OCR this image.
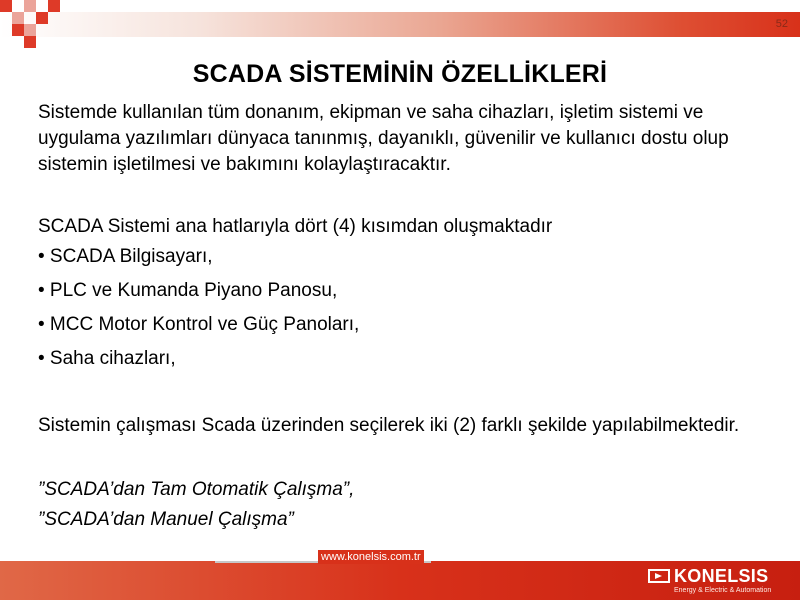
52
SCADA SİSTEMİNİN ÖZELLİKLERİ

Sistemde kullanılan tüm donanım, ekipman ve saha cihazları, işletim sistemi ve uygulama yazılımları dünyaca tanınmış, dayanıklı, güvenilir ve kullanıcı dostu olup sistemin işletilmesi ve bakımını kolaylaştıracaktır.

SCADA Sistemi ana hatlarıyla dört (4) kısımdan oluşmaktadır

• SCADA Bilgisayarı,

• PLC ve Kumanda Piyano Panosu,

• MCC Motor Kontrol ve Güç Panoları,

• Saha cihazları,

Sistemin çalışması Scada üzerinden seçilerek iki (2) farklı şekilde yapılabilmektedir.

”SCADA’dan Tam Otomatik Çalışma”,

”SCADA’dan Manuel Çalışma”

www.konelsis.com.tr
KONELSIS
Energy & Electric & Automation
